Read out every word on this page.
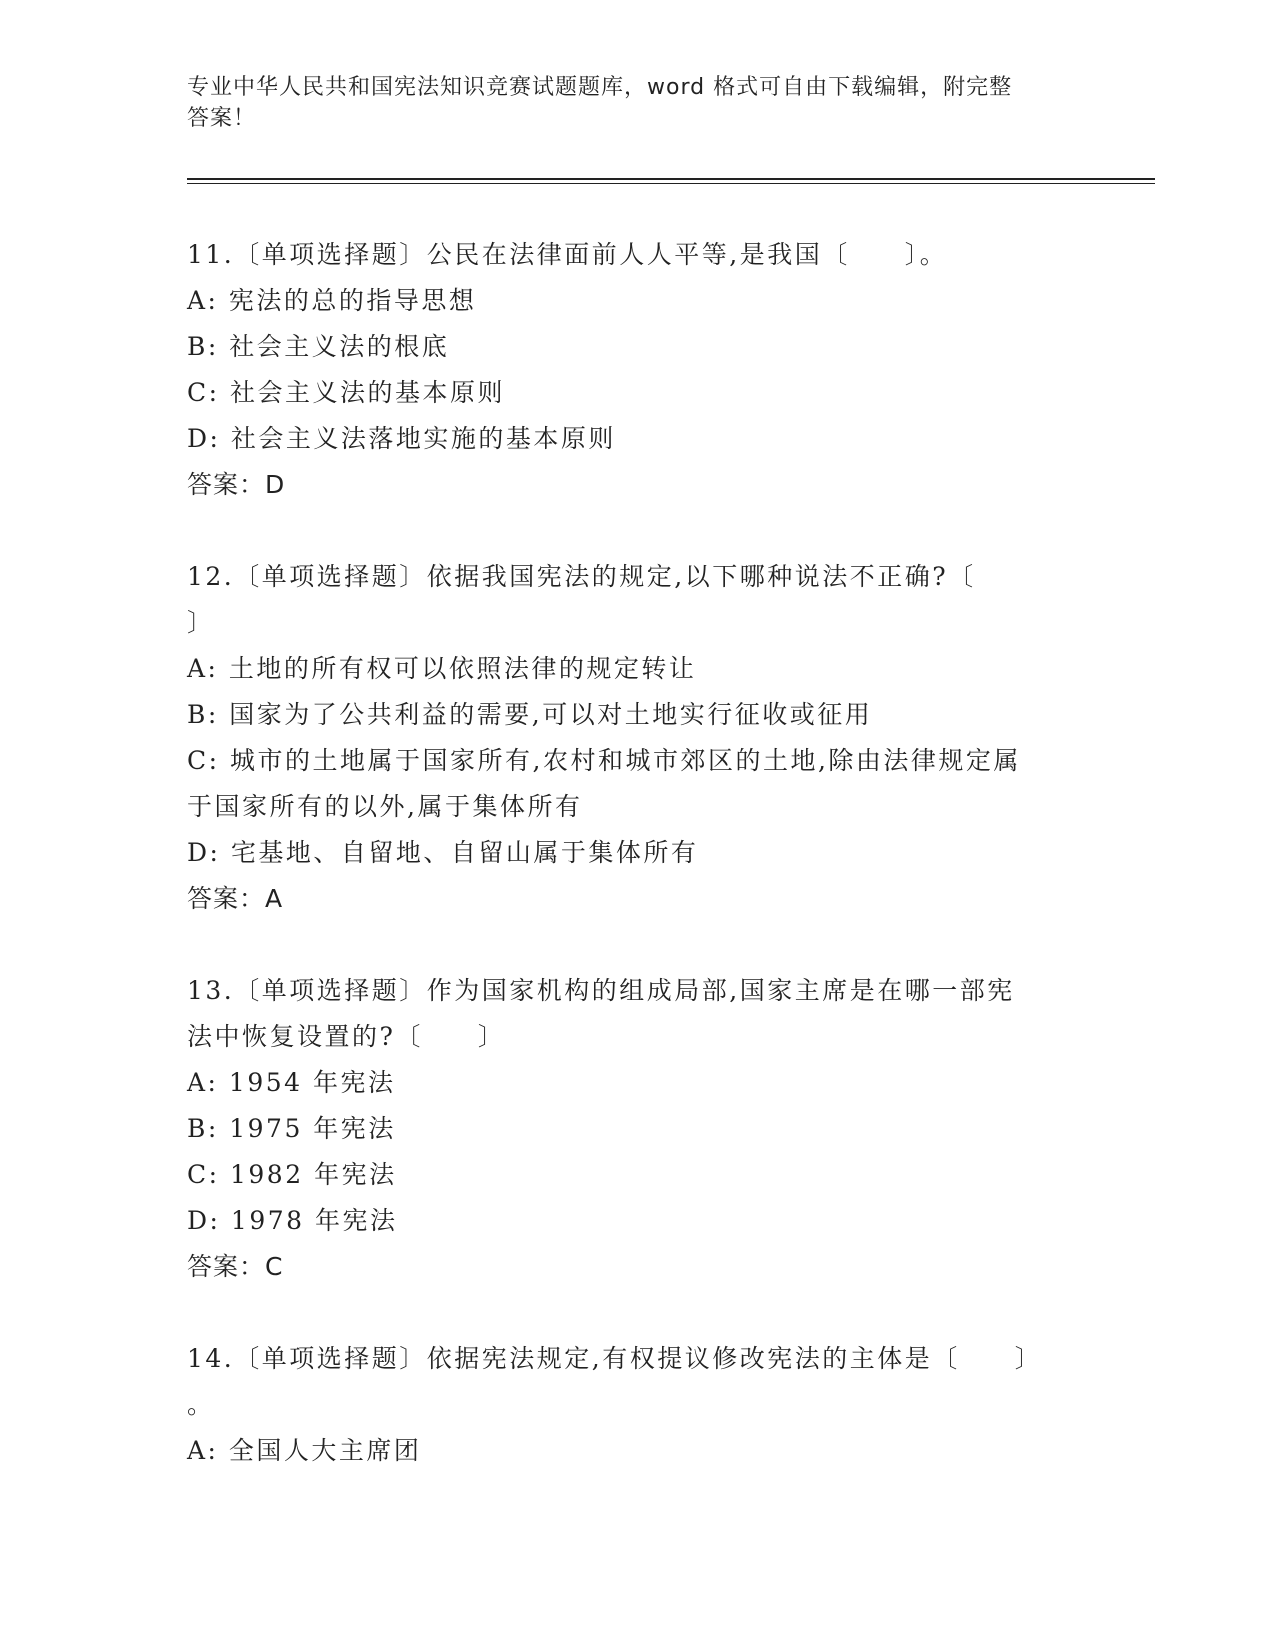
专业中华人民共和国宪法知识竞赛试题题库，word 格式可自由下载编辑，附完整
答案！
11.〔单项选择题〕公民在法律面前人人平等,是我国〔　　〕。
A: 宪法的总的指导思想
B: 社会主义法的根底
C: 社会主义法的基本原则
D: 社会主义法落地实施的基本原则
答案：D
12.〔单项选择题〕依据我国宪法的规定,以下哪种说法不正确?〔
〕
A: 土地的所有权可以依照法律的规定转让
B: 国家为了公共利益的需要,可以对土地实行征收或征用
C: 城市的土地属于国家所有,农村和城市郊区的土地,除由法律规定属
于国家所有的以外,属于集体所有
D: 宅基地、自留地、自留山属于集体所有
答案：A
13.〔单项选择题〕作为国家机构的组成局部,国家主席是在哪一部宪
法中恢复设置的?〔　　〕
A: 1954 年宪法
B: 1975 年宪法
C: 1982 年宪法
D: 1978 年宪法
答案：C
14.〔单项选择题〕依据宪法规定,有权提议修改宪法的主体是〔　　〕
。
A: 全国人大主席团
